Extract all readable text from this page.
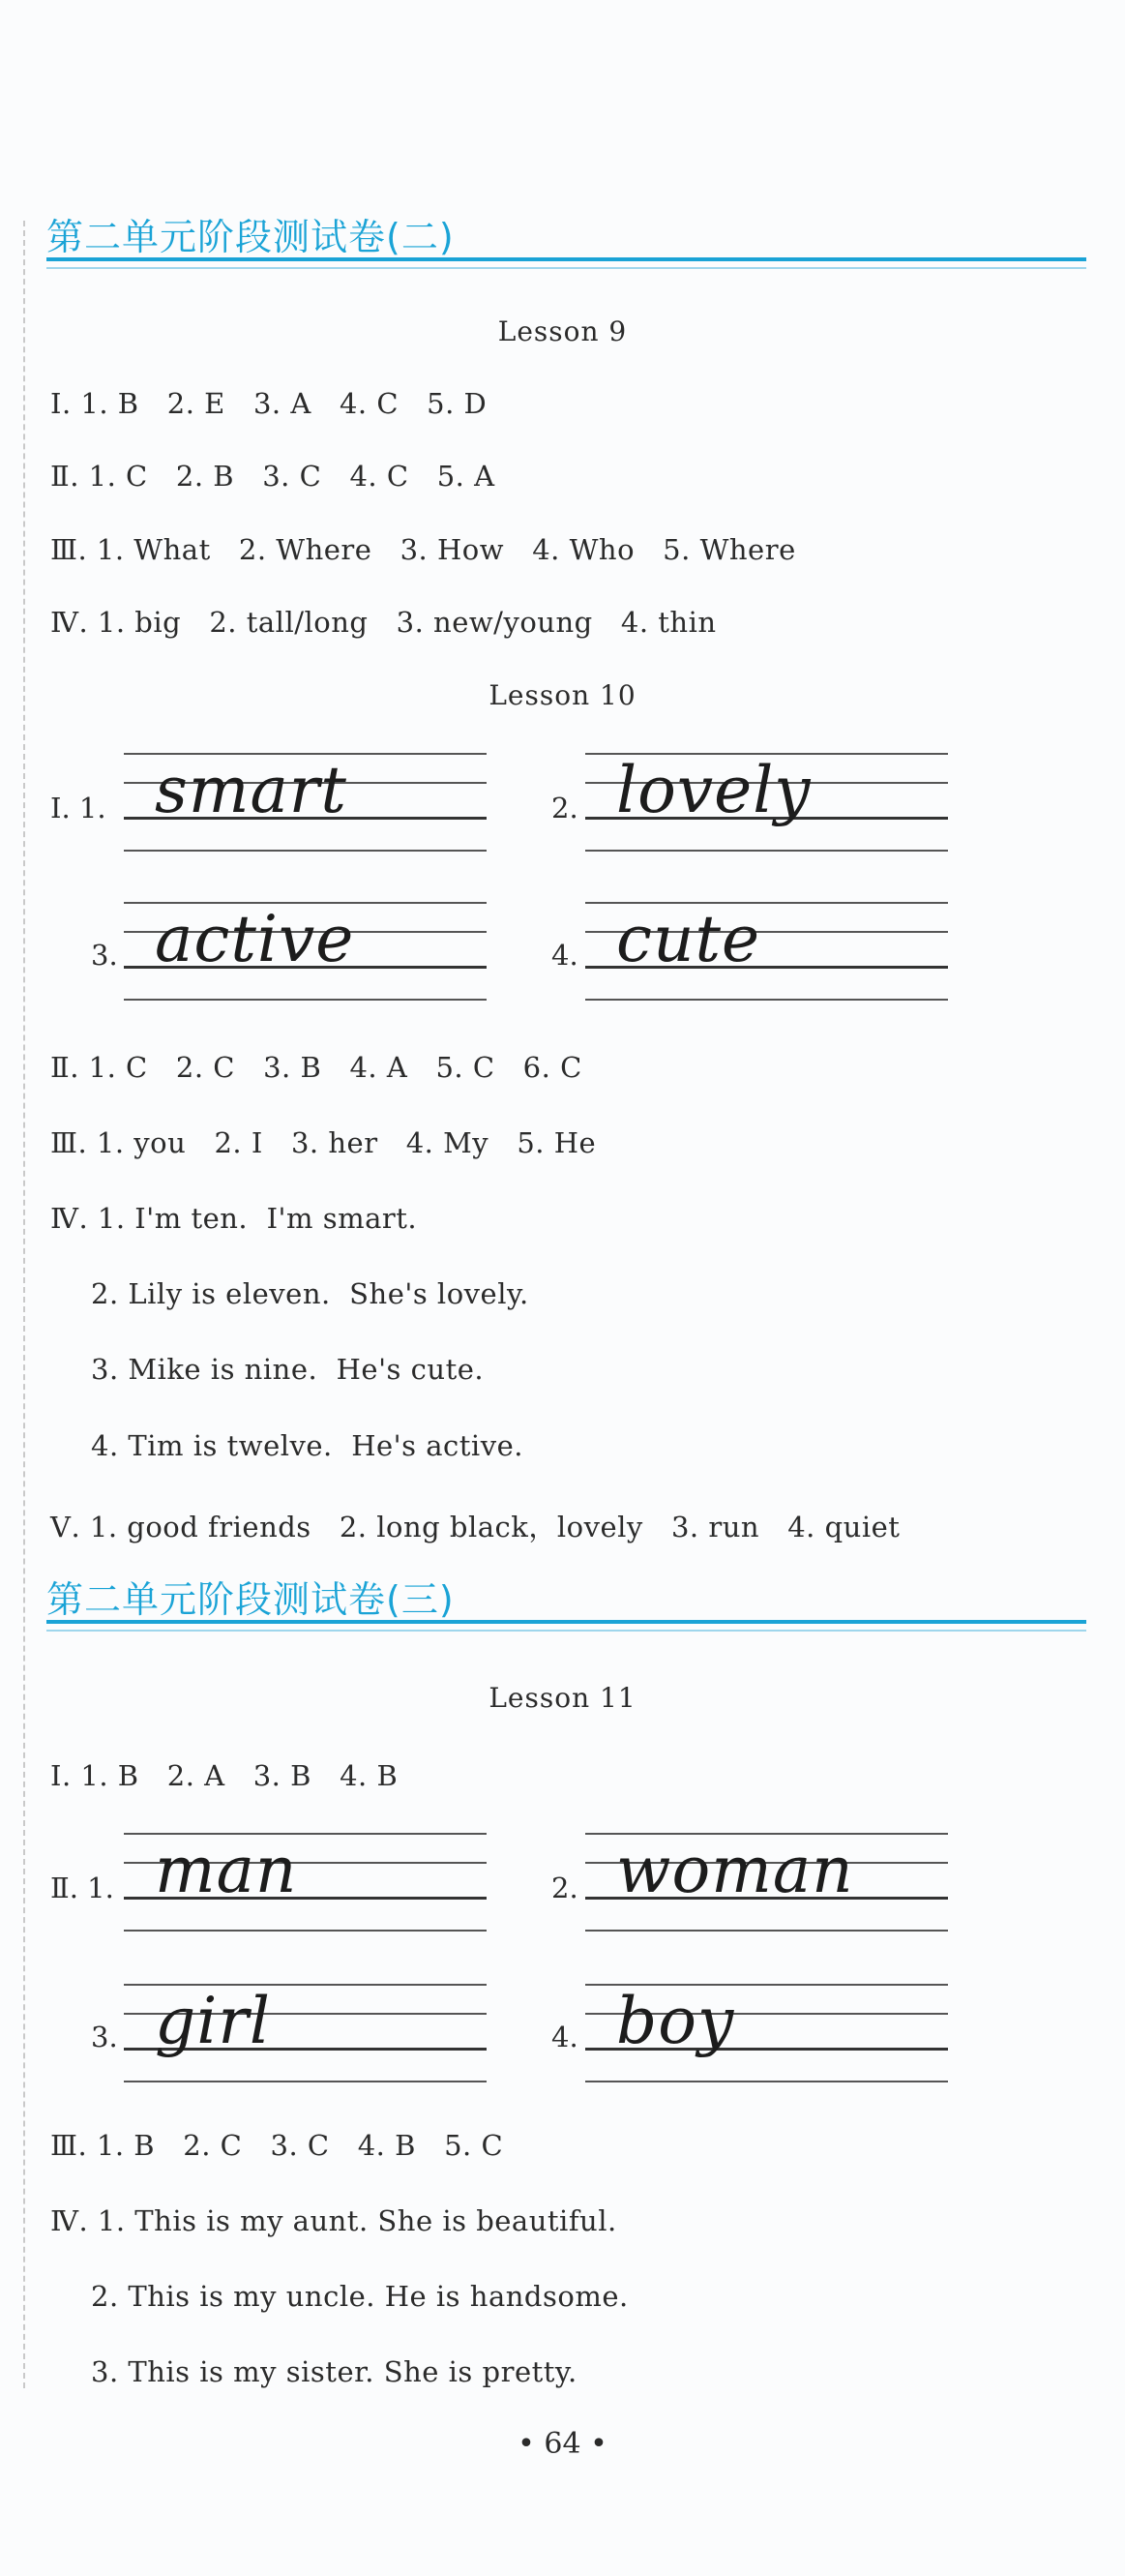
第二单元阶段测试卷(二)
Lesson 9
Ⅰ. 1. B   2. E   3. A   4. C   5. D
Ⅱ. 1. C   2. B   3. C   4. C   5. A
Ⅲ. 1. What   2. Where   3. How   4. Who   5. Where
Ⅳ. 1. big   2. tall/long   3. new/young   4. thin
Lesson 10
Ⅰ. 1. smart	2. lovely
3. active	4. cute
Ⅱ. 1. C   2. C   3. B   4. A   5. C   6. C
Ⅲ. 1. you   2. I   3. her   4. My   5. He
Ⅳ. 1. I'm ten.  I'm smart.
2. Lily is eleven.  She's lovely.
3. Mike is nine.  He's cute.
4. Tim is twelve.  He's active.
Ⅴ. 1. good friends   2. long black，lovely   3. run   4. quiet
第二单元阶段测试卷(三)
Lesson 11
Ⅰ. 1. B   2. A   3. B   4. B
Ⅱ. 1. man	2. woman
3. girl	4. boy
Ⅲ. 1. B   2. C   3. C   4. B   5. C
Ⅳ. 1. This is my aunt. She is beautiful.
2. This is my uncle. He is handsome.
3. This is my sister. She is pretty.
• 64 •
